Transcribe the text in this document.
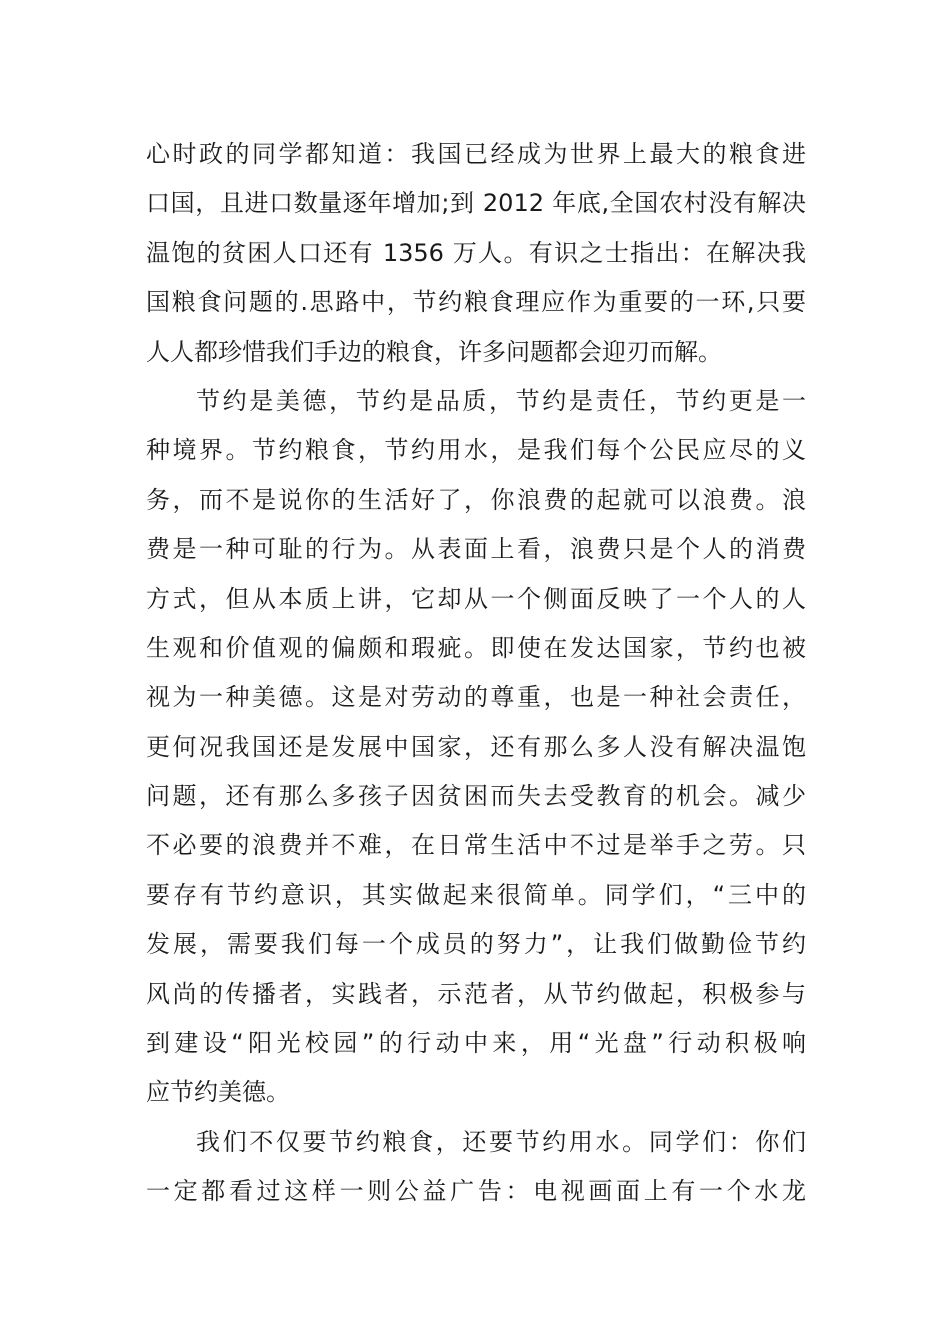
心时政的同学都知道：我国已经成为世界上最大的粮食进
口国，且进口数量逐年增加;到 2012 年底,全国农村没有解决
温饱的贫困人口还有 1356 万人。有识之士指出：在解决我
国粮食问题的.思路中，节约粮食理应作为重要的一环,只要
人人都珍惜我们手边的粮食，许多问题都会迎刃而解。
节约是美德，节约是品质，节约是责任，节约更是一
种境界。节约粮食，节约用水，是我们每个公民应尽的义
务，而不是说你的生活好了，你浪费的起就可以浪费。浪
费是一种可耻的行为。从表面上看，浪费只是个人的消费
方式，但从本质上讲，它却从一个侧面反映了一个人的人
生观和价值观的偏颇和瑕疵。即使在发达国家，节约也被
视为一种美德。这是对劳动的尊重，也是一种社会责任，
更何况我国还是发展中国家，还有那么多人没有解决温饱
问题，还有那么多孩子因贫困而失去受教育的机会。减少
不必要的浪费并不难，在日常生活中不过是举手之劳。只
要存有节约意识，其实做起来很简单。同学们，“三中的
发展，需要我们每一个成员的努力”，让我们做勤俭节约
风尚的传播者，实践者，示范者，从节约做起，积极参与
到建设“阳光校园”的行动中来，用“光盘”行动积极响
应节约美德。
我们不仅要节约粮食，还要节约用水。同学们：你们
一定都看过这样一则公益广告：电视画面上有一个水龙
